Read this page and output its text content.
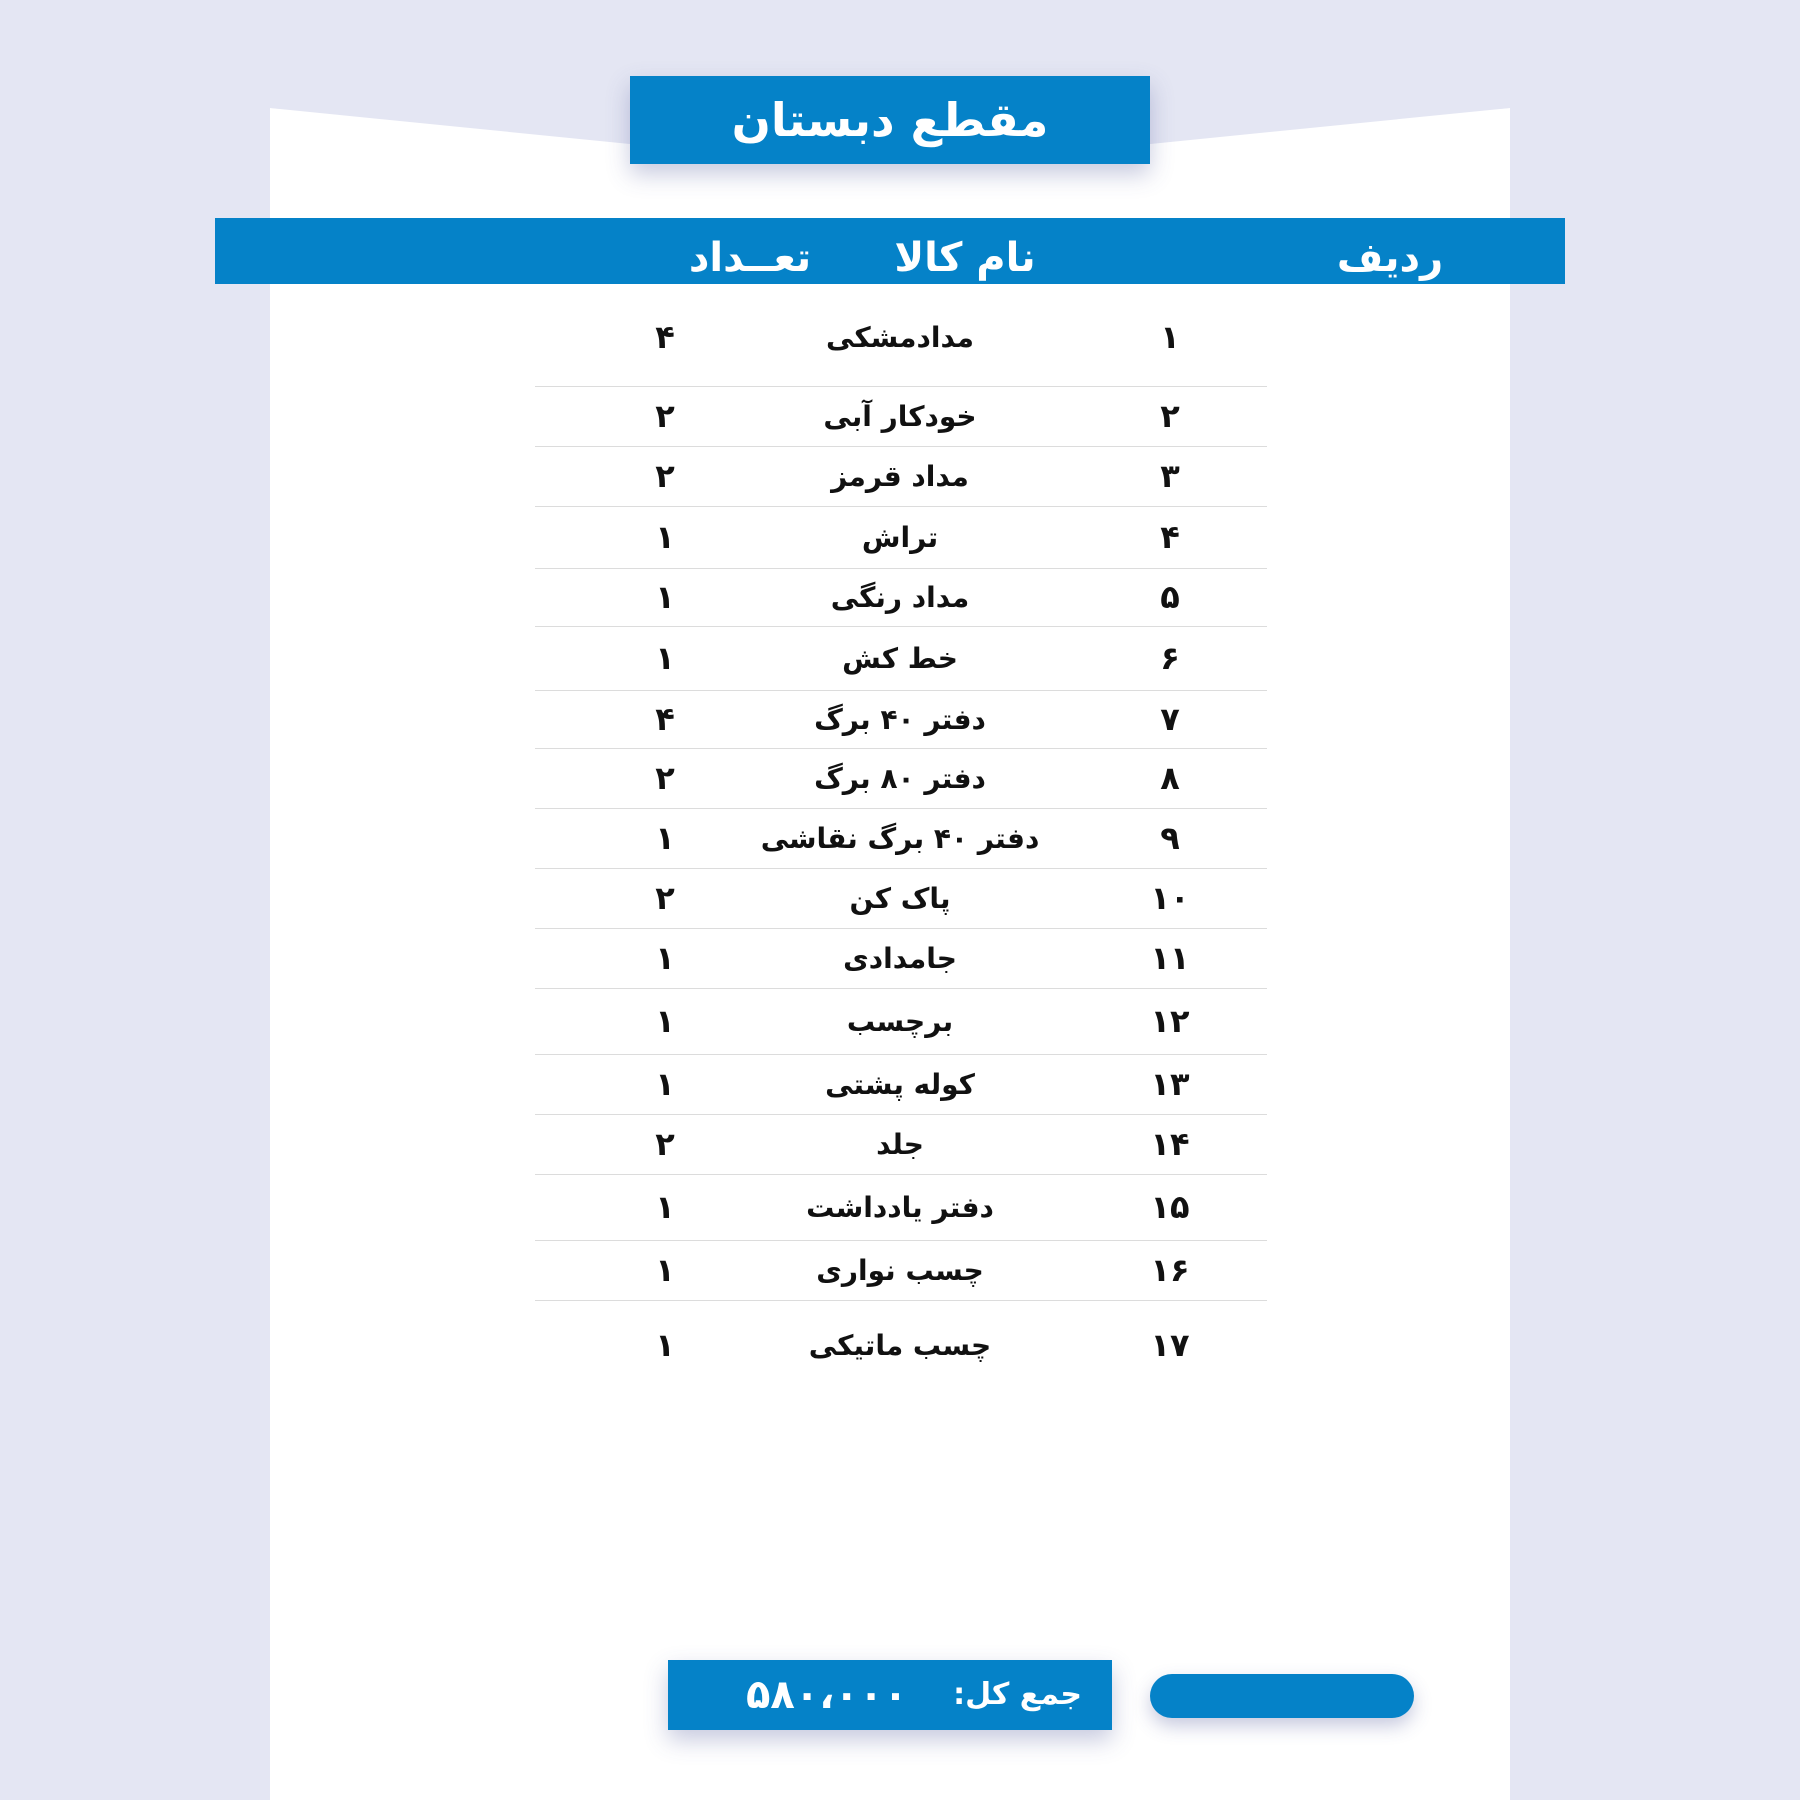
مقطع دبستان
ردیف
نام کالا
تعــداد
۱
مدادمشکی
۴
۲
خودکار آبی
۲
۳
مداد قرمز
۲
۴
تراش
۱
۵
مداد رنگی
۱
۶
خط کش
۱
۷
دفتر ۴۰ برگ
۴
۸
دفتر ۸۰ برگ
۲
۹
دفتر ۴۰ برگ نقاشی
۱
۱۰
پاک کن
۲
۱۱
جامدادی
۱
۱۲
برچسب
۱
۱۳
کوله پشتی
۱
۱۴
جلد
۲
۱۵
دفتر یادداشت
۱
۱۶
چسب نواری
۱
۱۷
چسب ماتیکی
۱
جمع کل:
۵۸۰،۰۰۰
